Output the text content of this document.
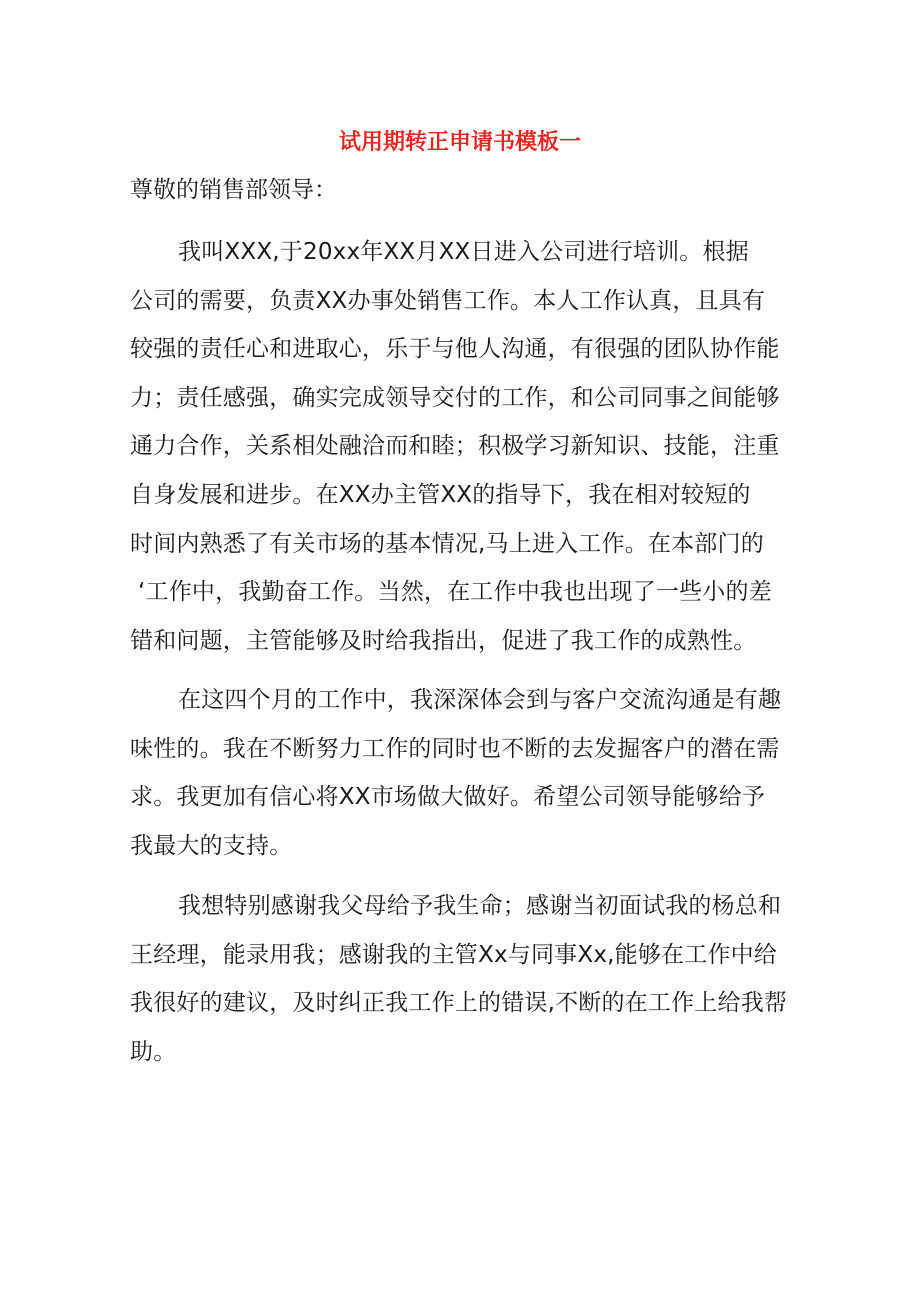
试用期转正申请书模板一

尊敬的销售部领导：

我叫XXX,于20xx年XX月XX日进入公司进行培训。根据
公司的需要，负责XX办事处销售工作。本人工作认真，且具有
较强的责任心和进取心，乐于与他人沟通，有很强的团队协作能
力；责任感强，确实完成领导交付的工作，和公司同事之间能够
通力合作，关系相处融洽而和睦；积极学习新知识、技能，注重
自身发展和进步。在XX办主管XX的指导下，我在相对较短的
时间内熟悉了有关市场的基本情况,马上进入工作。在本部门的
‘工作中，我勤奋工作。当然，在工作中我也出现了一些小的差
错和问题，主管能够及时给我指出，促进了我工作的成熟性。
在这四个月的工作中，我深深体会到与客户交流沟通是有趣
味性的。我在不断努力工作的同时也不断的去发掘客户的潜在需
求。我更加有信心将XX市场做大做好。希望公司领导能够给予
我最大的支持。
我想特别感谢我父母给予我生命；感谢当初面试我的杨总和
王经理，能录用我；感谢我的主管Xx与同事Xx,能够在工作中给
我很好的建议，及时纠正我工作上的错误,不断的在工作上给我帮
助。
